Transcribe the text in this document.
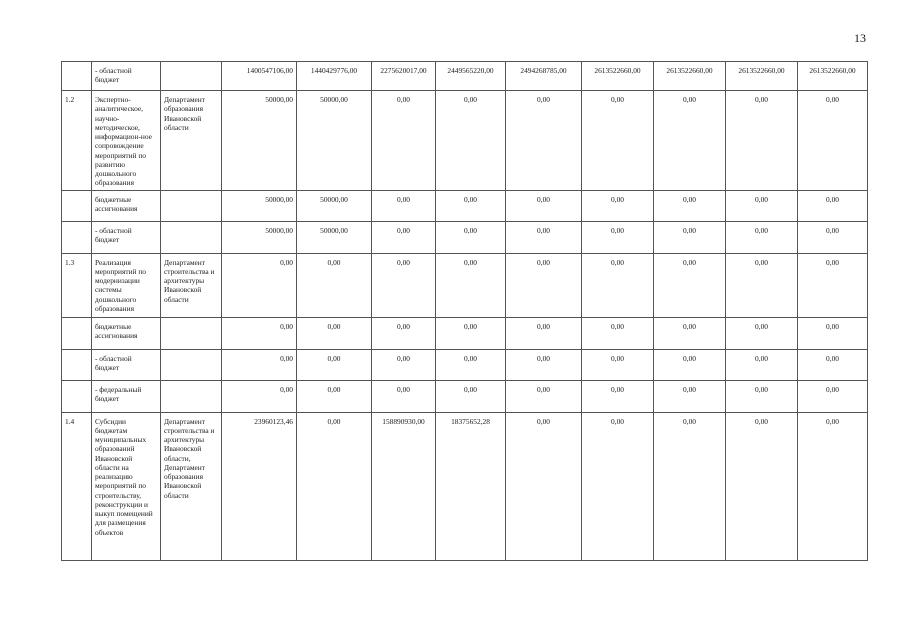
13
	- областной бюджет		1400547106,00	1440429776,00	2275620017,00	2449565220,00	2494268785,00	2613522660,00	2613522660,00	2613522660,00	2613522660,00
1.2	Экспертно-аналитическое, научно-методическое, информацион-ное сопровождение мероприятий по развитию дошкольного образования	Департамент образования Ивановской области	50000,00	50000,00	0,00	0,00	0,00	0,00	0,00	0,00	0,00
	бюджетные ассигнования		50000,00	50000,00	0,00	0,00	0,00	0,00	0,00	0,00	0,00
	- областной бюджет		50000,00	50000,00	0,00	0,00	0,00	0,00	0,00	0,00	0,00
1.3	Реализация мероприятий по модернизации системы дошкольного образования	Департамент строительства и архитектуры Ивановской области	0,00	0,00	0,00	0,00	0,00	0,00	0,00	0,00	0,00
	бюджетные ассигнования		0,00	0,00	0,00	0,00	0,00	0,00	0,00	0,00	0,00
	- областной бюджет		0,00	0,00	0,00	0,00	0,00	0,00	0,00	0,00	0,00
	- федеральный бюджет		0,00	0,00	0,00	0,00	0,00	0,00	0,00	0,00	0,00
1.4	Субсидии бюджетам муниципальных образований Ивановской области на реализацию мероприятий по строительству, реконструкции и выкуп помещений для размещения объектов	Департамент строительства и архитектуры Ивановской области, Департамент образования Ивановской области	23960123,46	0,00	158890930,00	18375652,28	0,00	0,00	0,00	0,00	0,00
